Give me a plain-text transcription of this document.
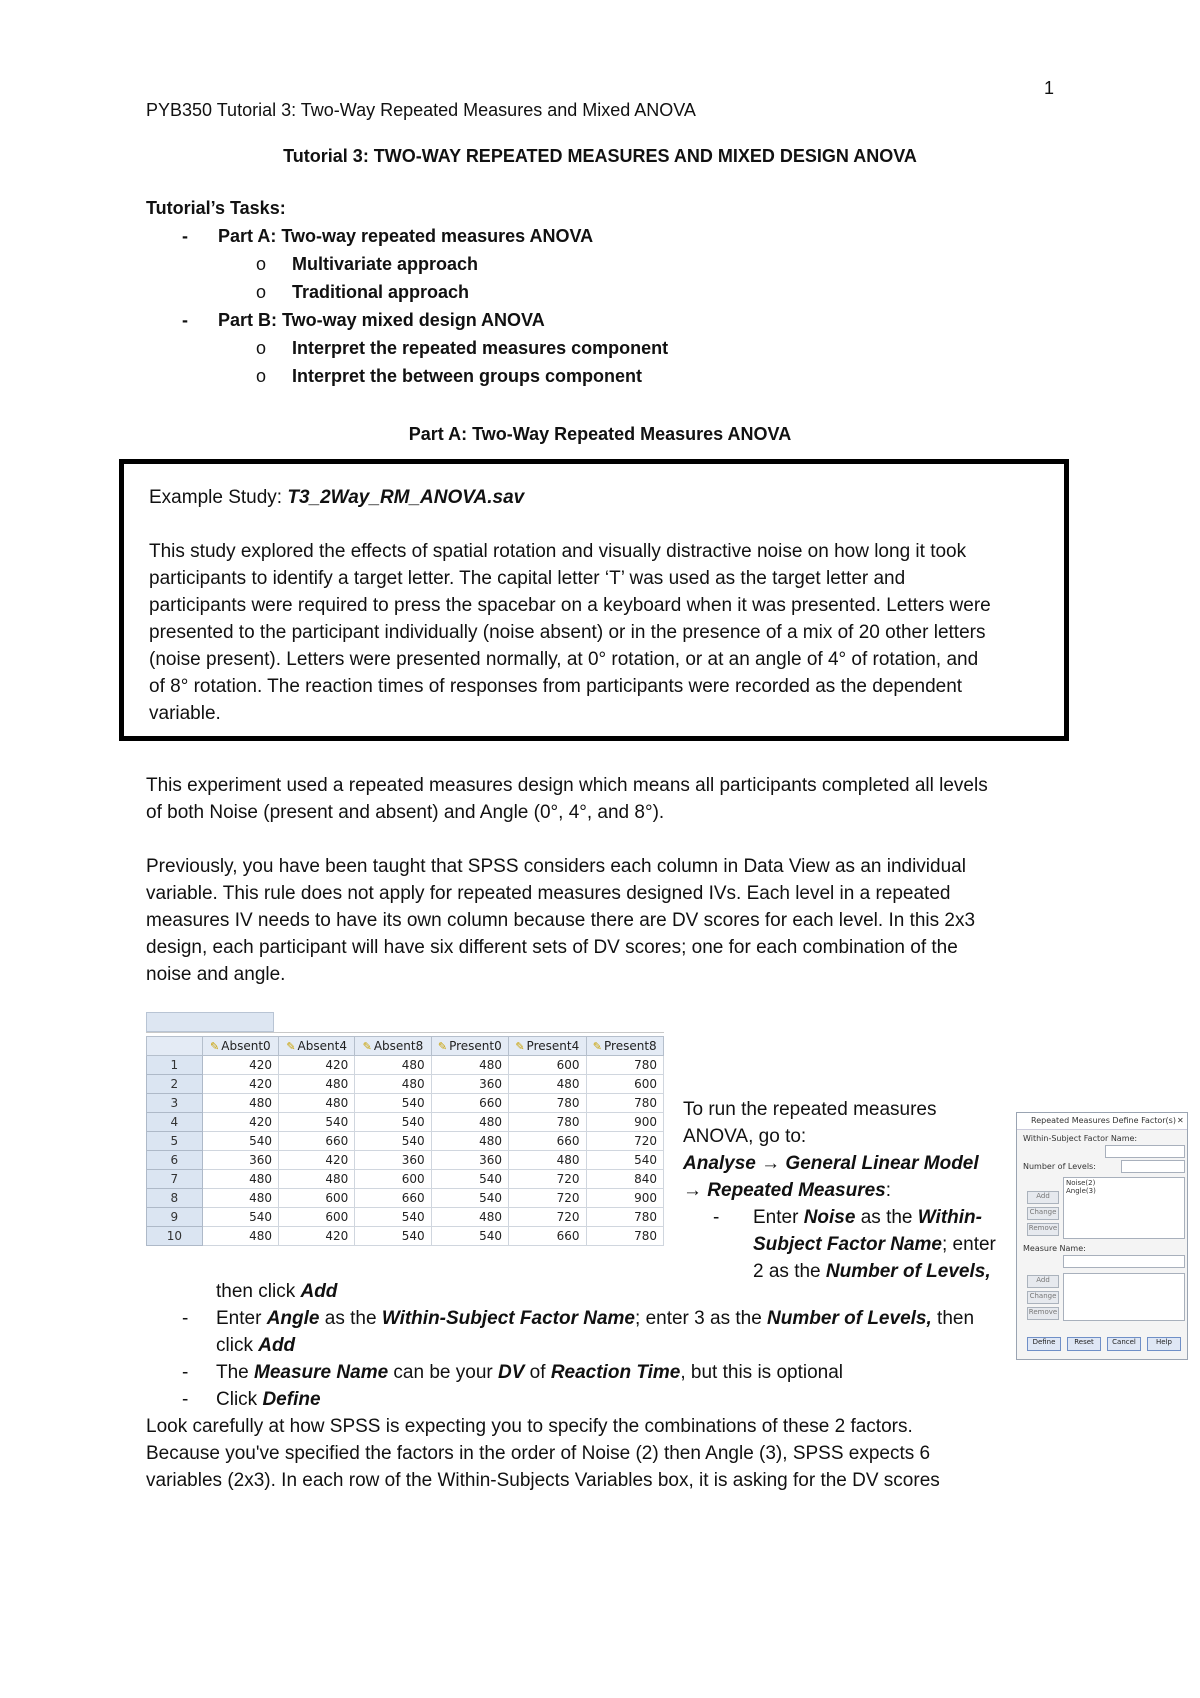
1
PYB350 Tutorial 3: Two-Way Repeated Measures and Mixed ANOVA
Tutorial 3: TWO-WAY REPEATED MEASURES AND MIXED DESIGN ANOVA
Tutorial’s Tasks:
- Part A: Two-way repeated measures ANOVA
o Multivariate approach
o Traditional approach
- Part B: Two-way mixed design ANOVA
o Interpret the repeated measures component
o Interpret the between groups component
Part A: Two-Way Repeated Measures ANOVA
Example Study: T3_2Way_RM_ANOVA.sav
This study explored the effects of spatial rotation and visually distractive noise on how long it took
participants to identify a target letter. The capital letter ‘T’ was used as the target letter and
participants were required to press the spacebar on a keyboard when it was presented. Letters were
presented to the participant individually (noise absent) or in the presence of a mix of 20 other letters
(noise present). Letters were presented normally, at 0° rotation, or at an angle of 4° of rotation, and
of 8° rotation. The reaction times of responses from participants were recorded as the dependent
variable.
This experiment used a repeated measures design which means all participants completed all levels
of both Noise (present and absent) and Angle (0°, 4°, and 8°).
Previously, you have been taught that SPSS considers each column in Data View as an individual
variable. This rule does not apply for repeated measures designed IVs. Each level in a repeated
measures IV needs to have its own column because there are DV scores for each level. In this 2x3
design, each participant will have six different sets of DV scores; one for each combination of the
noise and angle.
	✎ Absent0	✎ Absent4	✎ Absent8	✎ Present0	✎ Present4	✎ Present8
1	420	420	480	480	600	780
2	420	480	480	360	480	600
3	480	480	540	660	780	780
4	420	540	540	480	780	900
5	540	660	540	480	660	720
6	360	420	360	360	480	540
7	480	480	600	540	720	840
8	480	600	660	540	720	900
9	540	600	540	480	720	780
10	480	420	540	540	660	780
To run the repeated measures
ANOVA, go to:
Analyse → General Linear Model
→ Repeated Measures:
- Enter Noise as the Within-
Subject Factor Name; enter
2 as the Number of Levels,
Repeated Measures Define Factor(s) ✕
Within-Subject Factor Name:
Number of Levels:
Add
Change
Remove
Noise(2)
Angle(3)
Measure Name:
Add
Change
Remove
Define	Reset	Cancel	Help
then click Add
- Enter Angle as the Within-Subject Factor Name; enter 3 as the Number of Levels, then
click Add
- The Measure Name can be your DV of Reaction Time, but this is optional
- Click Define
Look carefully at how SPSS is expecting you to specify the combinations of these 2 factors.
Because you've specified the factors in the order of Noise (2) then Angle (3), SPSS expects 6
variables (2x3). In each row of the Within-Subjects Variables box, it is asking for the DV scores
